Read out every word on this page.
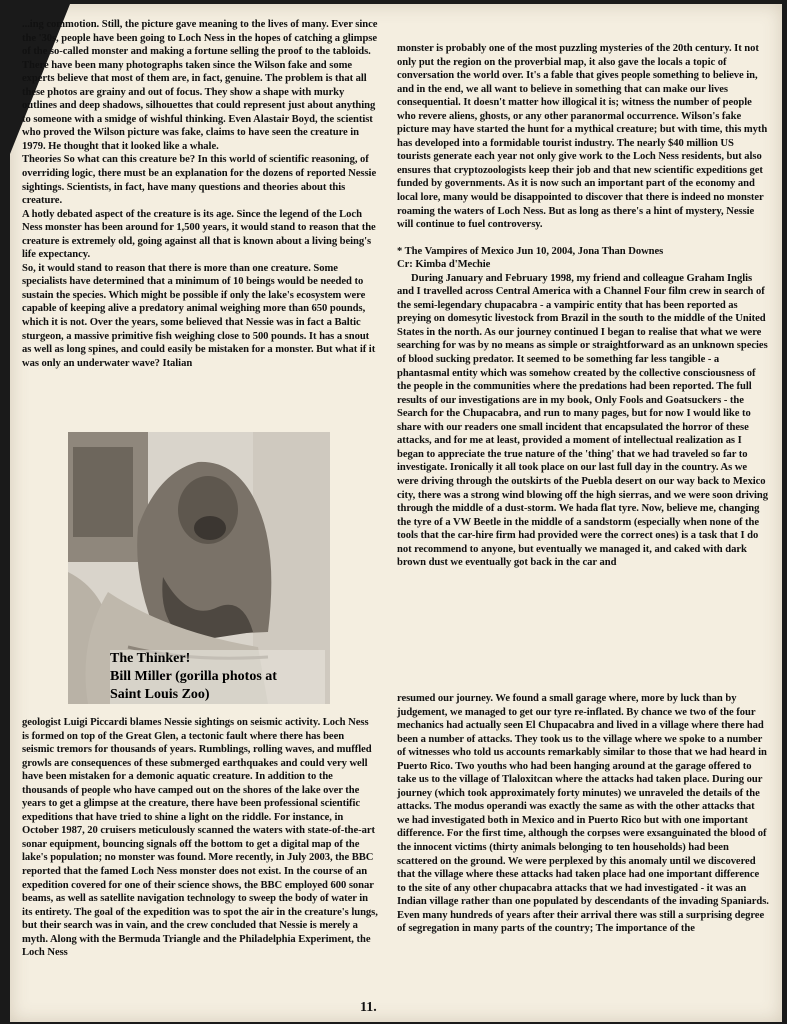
...ing commotion. Still, the picture gave meaning to the lives of many. Ever since the '30s, people have been going to Loch Ness in the hopes of catching a glimpse of the so-called monster and making a fortune selling the proof to the tabloids. There have been many photographs taken since the Wilson fake and some experts believe that most of them are, in fact, genuine. The problem is that all these photos are grainy and out of focus. They show a shape with murky outlines and deep shadows, silhouettes that could represent just about anything to someone with a smidge of wishful thinking. Even Alastair Boyd, the scientist who proved the Wilson picture was fake, claims to have seen the creature in 1979. He thought that it looked like a whale.

Theories So what can this creature be? In this world of scientific reasoning, of overriding logic, there must be an explanation for the dozens of reported Nessie sightings. Scientists, in fact, have many questions and theories about this creature.

A hotly debated aspect of the creature is its age. Since the legend of the Loch Ness monster has been around for 1,500 years, it would stand to reason that the creature is extremely old, going against all that is known about a living being's life expectancy.

So, it would stand to reason that there is more than one creature. Some specialists have determined that a minimum of 10 beings would be needed to sustain the species. Which might be possible if only the lake's ecosystem were capable of keeping alive a predatory animal weighing more than 650 pounds, which it is not. Over the years, some believed that Nessie was in fact a Baltic sturgeon, a massive primitive fish weighing close to 500 pounds. It has a snout as well as long spines, and could easily be mistaken for a monster. But what if it was only an underwater wave? Italian

The Thinker!
Bill Miller (gorilla photos at
Saint Louis Zoo)

geologist Luigi Piccardi blames Nessie sightings on seismic activity. Loch Ness is formed on top of the Great Glen, a tectonic fault where there has been seismic tremors for thousands of years. Rumblings, rolling waves, and muffled growls are consequences of these submerged earthquakes and could very well have been mistaken for a demonic aquatic creature. In addition to the thousands of people who have camped out on the shores of the lake over the years to get a glimpse at the creature, there have been professional scientific expeditions that have tried to shine a light on the riddle. For instance, in October 1987, 20 cruisers meticulously scanned the waters with state-of-the-art sonar equipment, bouncing signals off the bottom to get a digital map of the lake's population; no monster was found. More recently, in July 2003, the BBC reported that the famed Loch Ness monster does not exist. In the course of an expedition covered for one of their science shows, the BBC employed 600 sonar beams, as well as satellite navigation technology to sweep the body of water in its entirety. The goal of the expedition was to spot the air in the creature's lungs, but their search was in vain, and the crew concluded that Nessie is merely a myth. Along with the Bermuda Triangle and the Philadelphia Experiment, the Loch Ness

monster is probably one of the most puzzling mysteries of the 20th century. It not only put the region on the proverbial map, it also gave the locals a topic of conversation the world over. It's a fable that gives people something to believe in, and in the end, we all want to believe in something that can make our lives consequential. It doesn't matter how illogical it is; witness the number of people who revere aliens, ghosts, or any other paranormal occurrence. Wilson's fake picture may have started the hunt for a mythical creature; but with time, this myth has developed into a formidable tourist industry. The nearly $40 million US tourists generate each year not only give work to the Loch Ness residents, but also ensures that cryptozoologists keep their job and that new scientific expeditions get funded by governments. As it is now such an important part of the economy and local lore, many would be disappointed to discover that there is indeed no monster roaming the waters of Loch Ness. But as long as there's a hint of mystery, Nessie will continue to fuel controversy.

* The Vampires of Mexico Jun 10, 2004, Jona Than Downes

Cr: Kimba d'Mechie

During January and February 1998, my friend and colleague Graham Inglis and I travelled across Central America with a Channel Four film crew in search of the semi-legendary chupacabra - a vampiric entity that has been reported as preying on domesytic livestock from Brazil in the south to the middle of the United States in the north. As our journey continued I began to realise that what we were searching for was by no means as simple or straightforward as an unknown species of blood sucking predator. It seemed to be something far less tangible - a phantasmal entity which was somehow created by the collective consciousness of the people in the communities where the predations had been reported. The full results of our investigations are in my book, Only Fools and Goatsuckers - the Search for the Chupacabra, and run to many pages, but for now I would like to share with our readers one small incident that encapsulated the horror of these attacks, and for me at least, provided a moment of intellectual realization as I began to appreciate the true nature of the 'thing' that we had traveled so far to investigate. Ironically it all took place on our last full day in the country. As we were driving through the outskirts of the Puebla desert on our way back to Mexico city, there was a strong wind blowing off the high sierras, and we were soon driving through the middle of a dust-storm. We hada flat tyre. Now, believe me, changing the tyre of a VW Beetle in the middle of a sandstorm (especially when none of the tools that the car-hire firm had provided were the correct ones) is a task that I do not recommend to anyone, but eventually we managed it, and caked with dark brown dust we eventually got back in the car and

resumed our journey. We found a small garage where, more by luck than by judgement, we managed to get our tyre re-inflated. By chance we two of the four mechanics had actually seen El Chupacabra and lived in a village where there had been a number of attacks. They took us to the village where we spoke to a number of witnesses who told us accounts remarkably similar to those that we had heard in Puerto Rico. Two youths who had been hanging around at the garage offered to take us to the village of Tlaloxitcan where the attacks had taken place. During our journey (which took approximately forty minutes) we unraveled the details of the attacks. The modus operandi was exactly the same as with the other attacks that we had investigated both in Mexico and in Puerto Rico but with one important difference. For the first time, although the corpses were exsanguinated the blood of the innocent victims (thirty animals belonging to ten households) had been scattered on the ground. We were perplexed by this anomaly until we discovered that the village where these attacks had taken place had one important difference to the site of any other chupacabra attacks that we had investigated - it was an Indian village rather than one populated by descendants of the invading Spaniards. Even many hundreds of years after their arrival there was still a surprising degree of segregation in many parts of the country; The importance of the

11.
